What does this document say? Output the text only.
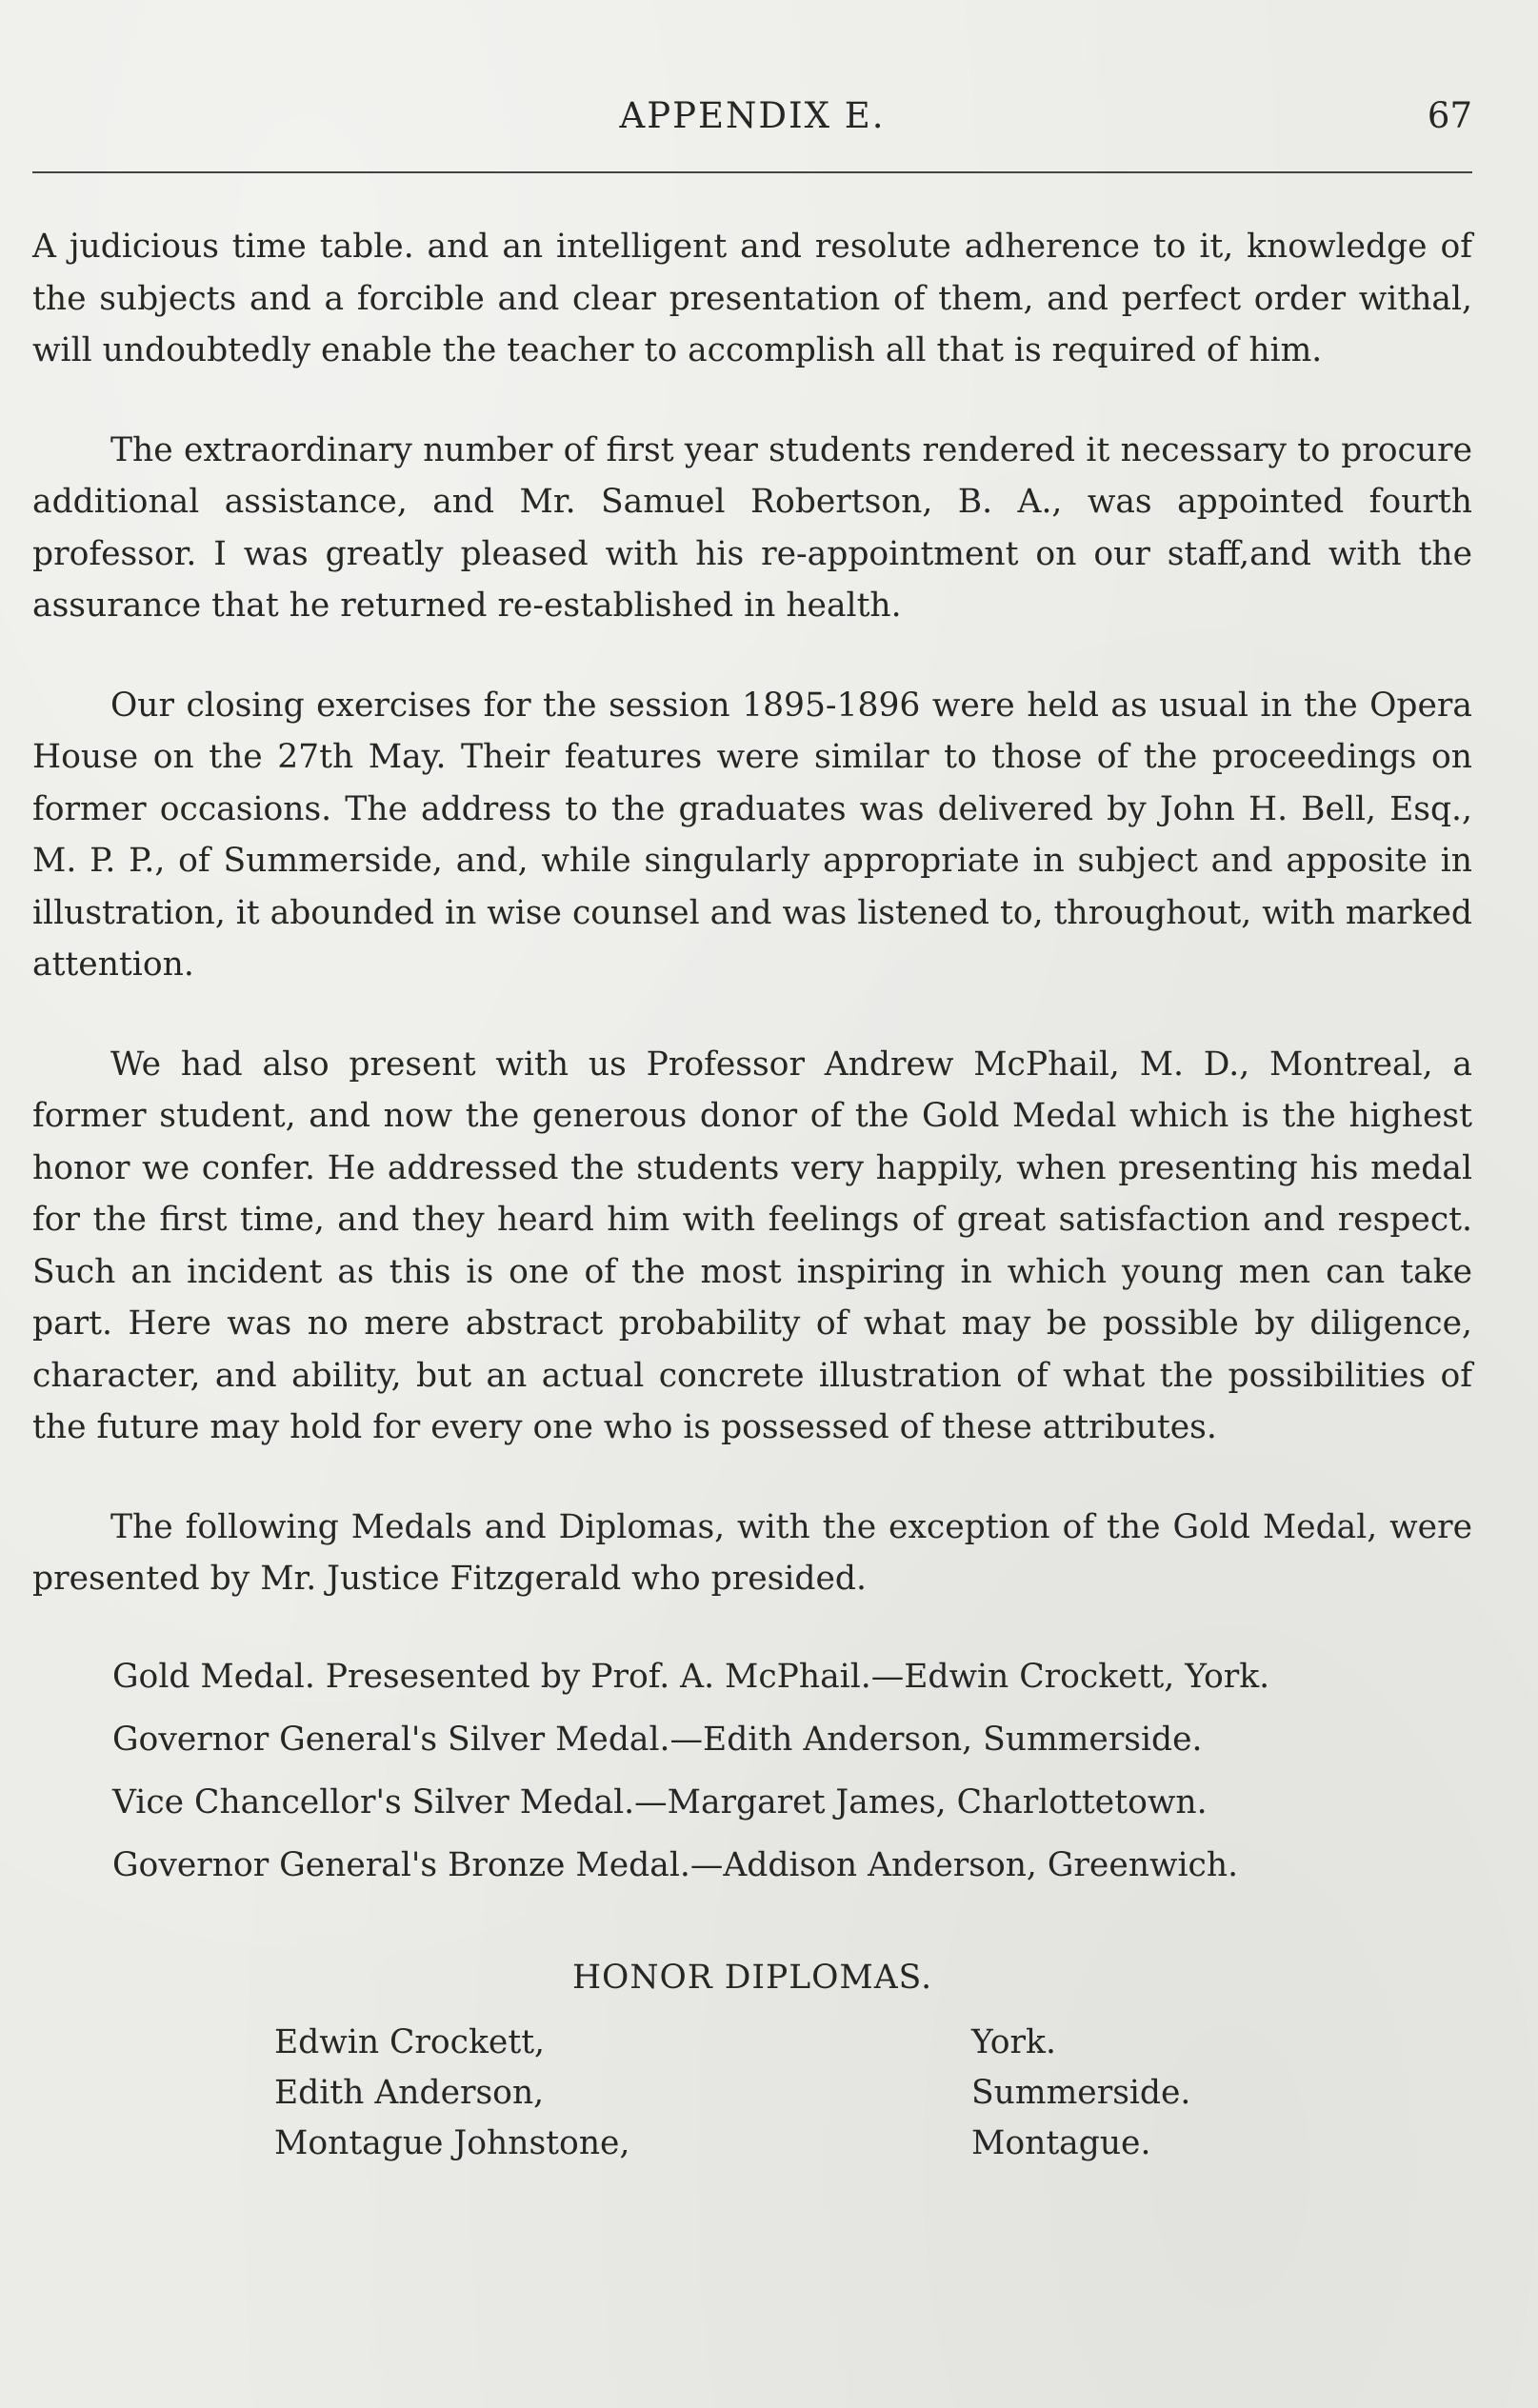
APPENDIX E.	67

A judicious time table. and an intelligent and resolute adherence to it, knowledge of the subjects and a forcible and clear presentation of them, and perfect order withal, will undoubtedly enable the teacher to accomplish all that is required of him.

The extraordinary number of first year students rendered it necessary to procure additional assistance, and Mr. Samuel Robertson, B. A., was appointed fourth professor. I was greatly pleased with his re-appointment on our staff,and with the assurance that he returned re-established in health.

Our closing exercises for the session 1895-1896 were held as usual in the Opera House on the 27th May. Their features were similar to those of the proceedings on former occasions. The address to the graduates was delivered by John H. Bell, Esq., M. P. P., of Summerside, and, while singularly appropriate in subject and apposite in illustration, it abounded in wise counsel and was listened to, throughout, with marked attention.

We had also present with us Professor Andrew McPhail, M. D., Montreal, a former student, and now the generous donor of the Gold Medal which is the highest honor we confer. He addressed the students very happily, when presenting his medal for the first time, and they heard him with feelings of great satisfaction and respect. Such an incident as this is one of the most inspiring in which young men can take part. Here was no mere abstract probability of what may be possible by diligence, character, and ability, but an actual concrete illustration of what the possibilities of the future may hold for every one who is possessed of these attributes.

The following Medals and Diplomas, with the exception of the Gold Medal, were presented by Mr. Justice Fitzgerald who presided.

Gold Medal. Presesented by Prof. A. McPhail.—Edwin Crockett, York.
Governor General's Silver Medal.—Edith Anderson, Summerside.
Vice Chancellor's Silver Medal.—Margaret James, Charlottetown.
Governor General's Bronze Medal.—Addison Anderson, Greenwich.
HONOR DIPLOMAS.
Edwin Crockett,	York.
Edith Anderson,	Summerside.
Montague Johnstone,	Montague.
